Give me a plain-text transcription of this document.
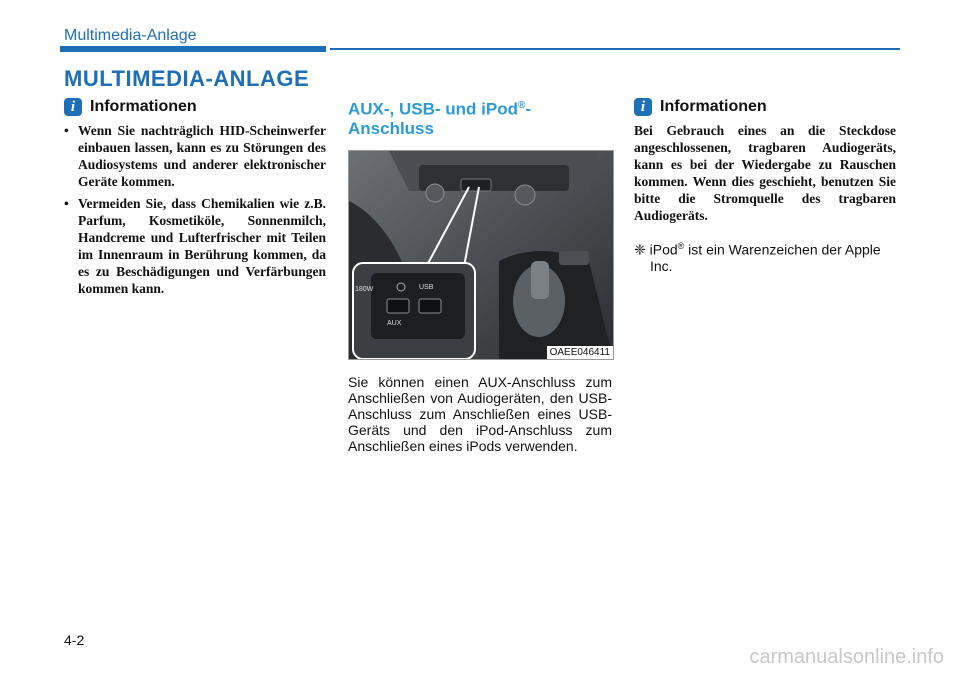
Multimedia-Anlage
MULTIMEDIA-ANLAGE
i Informationen
• Wenn Sie nachträglich HID-Scheinwerfer einbauen lassen, kann es zu Störungen des Audiosystems und anderer elektronischer Geräte kommen.
• Vermeiden Sie, dass Chemikalien wie z.B. Parfum, Kosmetiköle, Sonnenmilch, Handcreme und Lufterfrischer mit Teilen im Innenraum in Berührung kommen, da es zu Beschädigungen und Verfärbungen kommen kann.
AUX-, USB- und iPod®-Anschluss
AUX
USB
180W
OAEE046411

Sie können einen AUX-Anschluss zum Anschließen von Audiogeräten, den USB-Anschluss zum Anschließen eines USB-Geräts und den iPod-Anschluss zum Anschließen eines iPods verwenden.

i Informationen

Bei Gebrauch eines an die Steckdose angeschlossenen, tragbaren Audiogeräts, kann es bei der Wiedergabe zu Rauschen kommen. Wenn dies geschieht, benutzen Sie bitte die Stromquelle des tragbaren Audiogeräts.

❈ iPod® ist ein Warenzeichen der Apple Inc.
4-2
carmanualsonline.info
